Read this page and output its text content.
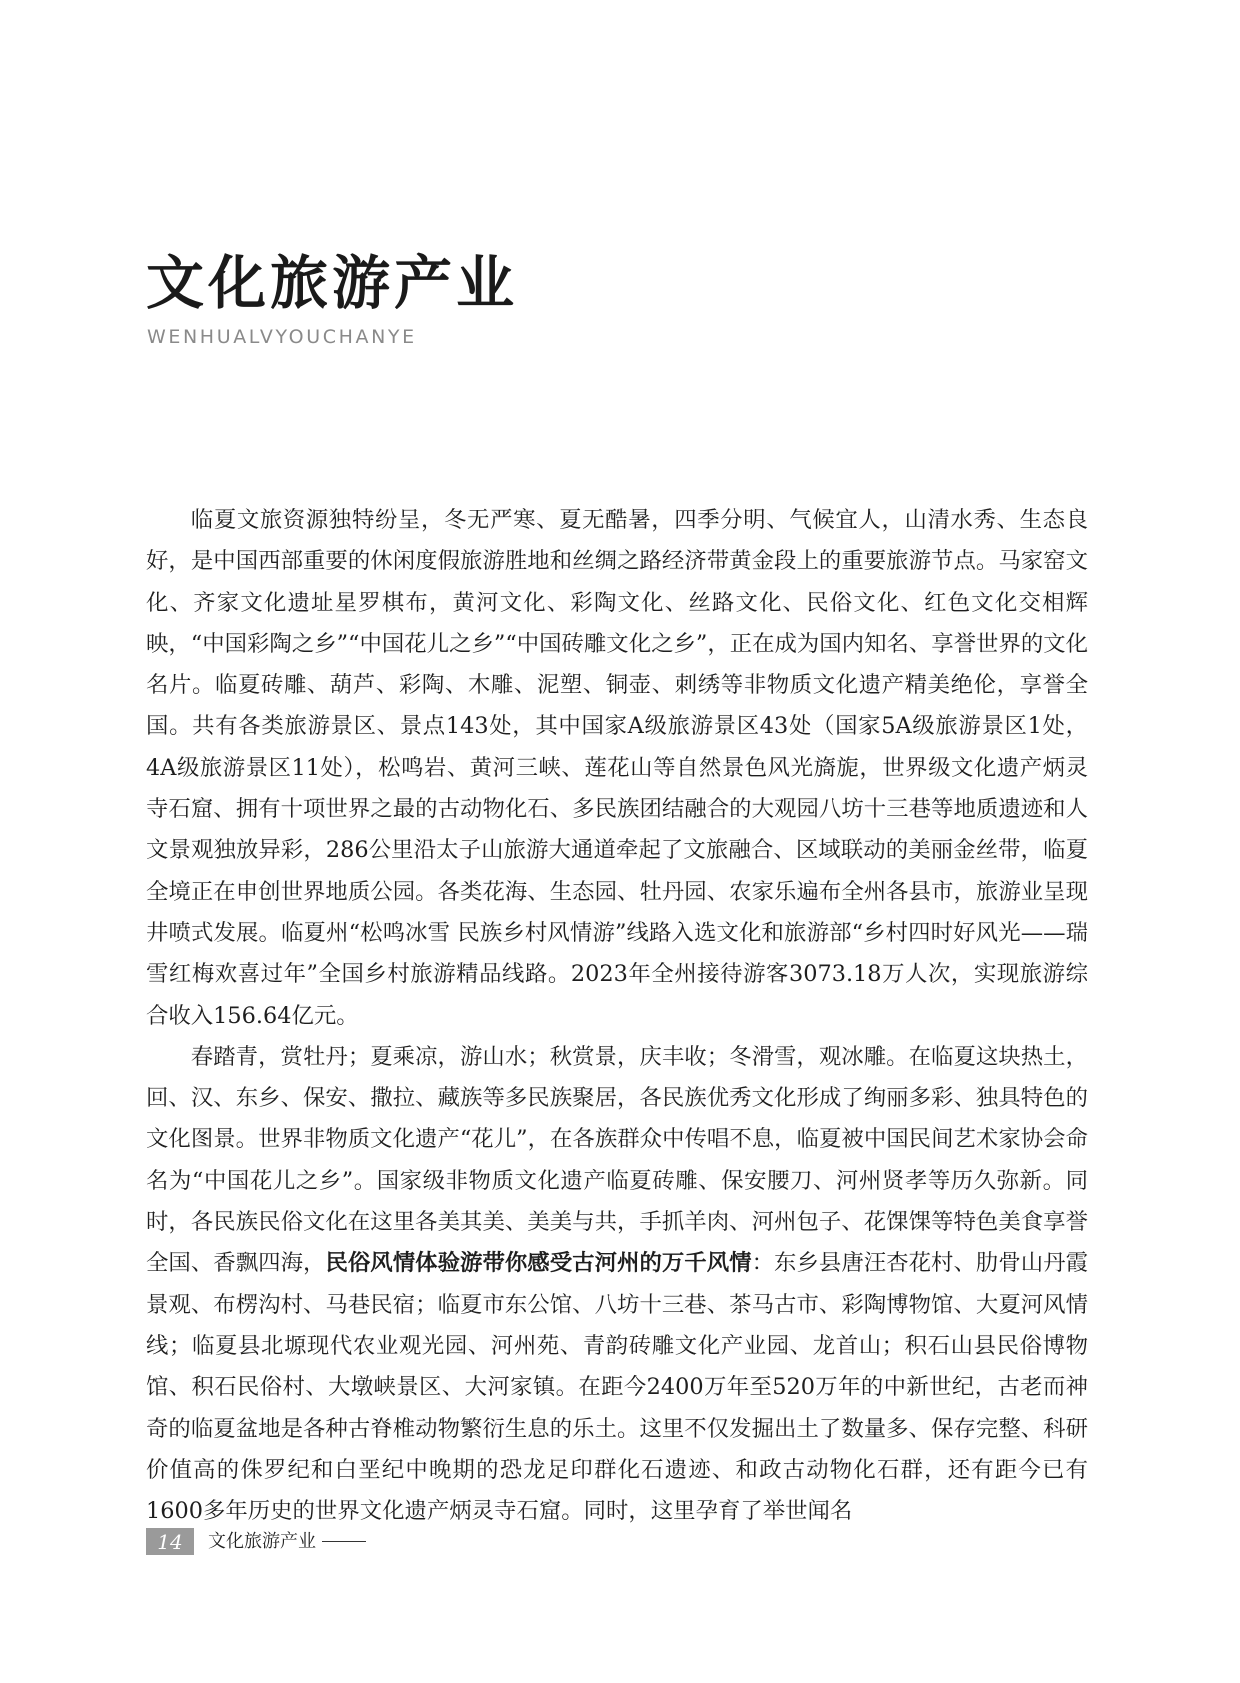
文化旅游产业
WENHUALVYOUCHANYE

临夏文旅资源独特纷呈，冬无严寒、夏无酷暑，四季分明、气候宜人，山清水秀、生态良好，是中国西部重要的休闲度假旅游胜地和丝绸之路经济带黄金段上的重要旅游节点。马家窑文化、齐家文化遗址星罗棋布，黄河文化、彩陶文化、丝路文化、民俗文化、红色文化交相辉映，“中国彩陶之乡”“中国花儿之乡”“中国砖雕文化之乡”，正在成为国内知名、享誉世界的文化名片。临夏砖雕、葫芦、彩陶、木雕、泥塑、铜壶、刺绣等非物质文化遗产精美绝伦，享誉全国。共有各类旅游景区、景点143处，其中国家A级旅游景区43处（国家5A级旅游景区1处，4A级旅游景区11处），松鸣岩、黄河三峡、莲花山等自然景色风光旖旎，世界级文化遗产炳灵寺石窟、拥有十项世界之最的古动物化石、多民族团结融合的大观园八坊十三巷等地质遗迹和人文景观独放异彩，286公里沿太子山旅游大通道牵起了文旅融合、区域联动的美丽金丝带，临夏全境正在申创世界地质公园。各类花海、生态园、牡丹园、农家乐遍布全州各县市，旅游业呈现井喷式发展。临夏州“松鸣冰雪 民族乡村风情游”线路入选文化和旅游部“乡村四时好风光——瑞雪红梅欢喜过年”全国乡村旅游精品线路。2023年全州接待游客3073.18万人次，实现旅游综合收入156.64亿元。

春踏青，赏牡丹；夏乘凉，游山水；秋赏景，庆丰收；冬滑雪，观冰雕。在临夏这块热土，回、汉、东乡、保安、撒拉、藏族等多民族聚居，各民族优秀文化形成了绚丽多彩、独具特色的文化图景。世界非物质文化遗产“花儿”，在各族群众中传唱不息，临夏被中国民间艺术家协会命名为“中国花儿之乡”。国家级非物质文化遗产临夏砖雕、保安腰刀、河州贤孝等历久弥新。同时，各民族民俗文化在这里各美其美、美美与共，手抓羊肉、河州包子、花馃馃等特色美食享誉全国、香飘四海，民俗风情体验游带你感受古河州的万千风情：东乡县唐汪杏花村、肋骨山丹霞景观、布楞沟村、马巷民宿；临夏市东公馆、八坊十三巷、茶马古市、彩陶博物馆、大夏河风情线；临夏县北塬现代农业观光园、河州苑、青韵砖雕文化产业园、龙首山；积石山县民俗博物馆、积石民俗村、大墩峡景区、大河家镇。在距今2400万年至520万年的中新世纪，古老而神奇的临夏盆地是各种古脊椎动物繁衍生息的乐土。这里不仅发掘出土了数量多、保存完整、科研价值高的侏罗纪和白垩纪中晚期的恐龙足印群化石遗迹、和政古动物化石群，还有距今已有1600多年历史的世界文化遗产炳灵寺石窟。同时，这里孕育了举世闻名

14	文化旅游产业
